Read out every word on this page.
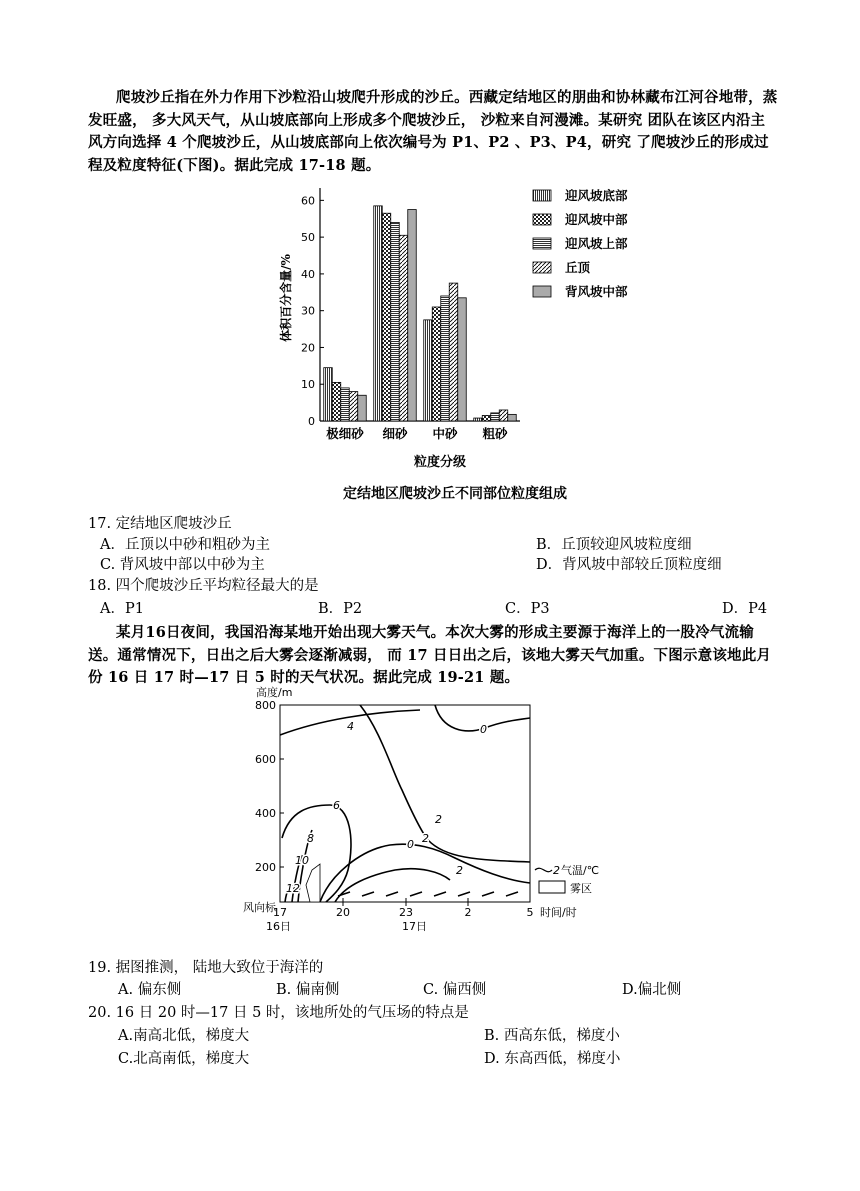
爬坡沙丘指在外力作用下沙粒沿山坡爬升形成的沙丘。西藏定结地区的朋曲和协林藏布江河谷地带，蒸发旺盛， 多大风天气，从山坡底部向上形成多个爬坡沙丘， 沙粒来自河漫滩。某研究 团队在该区内沿主风方向选择 4 个爬坡沙丘，从山坡底部向上依次编号为 P1、P2 、P3、P4，研究 了爬坡沙丘的形成过程及粒度特征(下图)。据此完成 17-18 题。
0
10
20
30
40
50
60
极细砂 细砂 中砂 粗砂
迎风坡底部
迎风坡中部
迎风坡上部
丘顶
背风坡中部
粒度分级
定结地区爬坡沙丘不同部位粒度组成
体积百分含量/%
17. 定结地区爬坡沙丘
A．丘顶以中砂和粗砂为主	B．丘顶较迎风坡粒度细
C. 背风坡中部以中砂为主	D．背风坡中部较丘顶粒度细
18. 四个爬坡沙丘平均粒径最大的是
A．P1	B．P2	C．P3	D．P4
某月16日夜间，我国沿海某地开始出现大雾天气。本次大雾的形成主要源于海洋上的一股冷气流输送。通常情况下，日出之后大雾会逐渐减弱， 而 17 日日出之后，该地大雾天气加重。下图示意该地此月份 16 日 17 时—17 日 5 时的天气状况。据此完成 19-21 题。
高度/m
800
600
400
200
风向标
17	20	23	2	5 时间/时
16日	17日
4	0
2
6
8
10
12
0 2
2	2 气温/℃
雾区
19. 据图推测， 陆地大致位于海洋的
A. 偏东侧	B. 偏南侧	C. 偏西侧	D.偏北侧
20. 16 日 20 时—17 日 5 时，该地所处的气压场的特点是
A.南高北低，梯度大	B. 西高东低，梯度小
C.北高南低，梯度大	D. 东高西低，梯度小
